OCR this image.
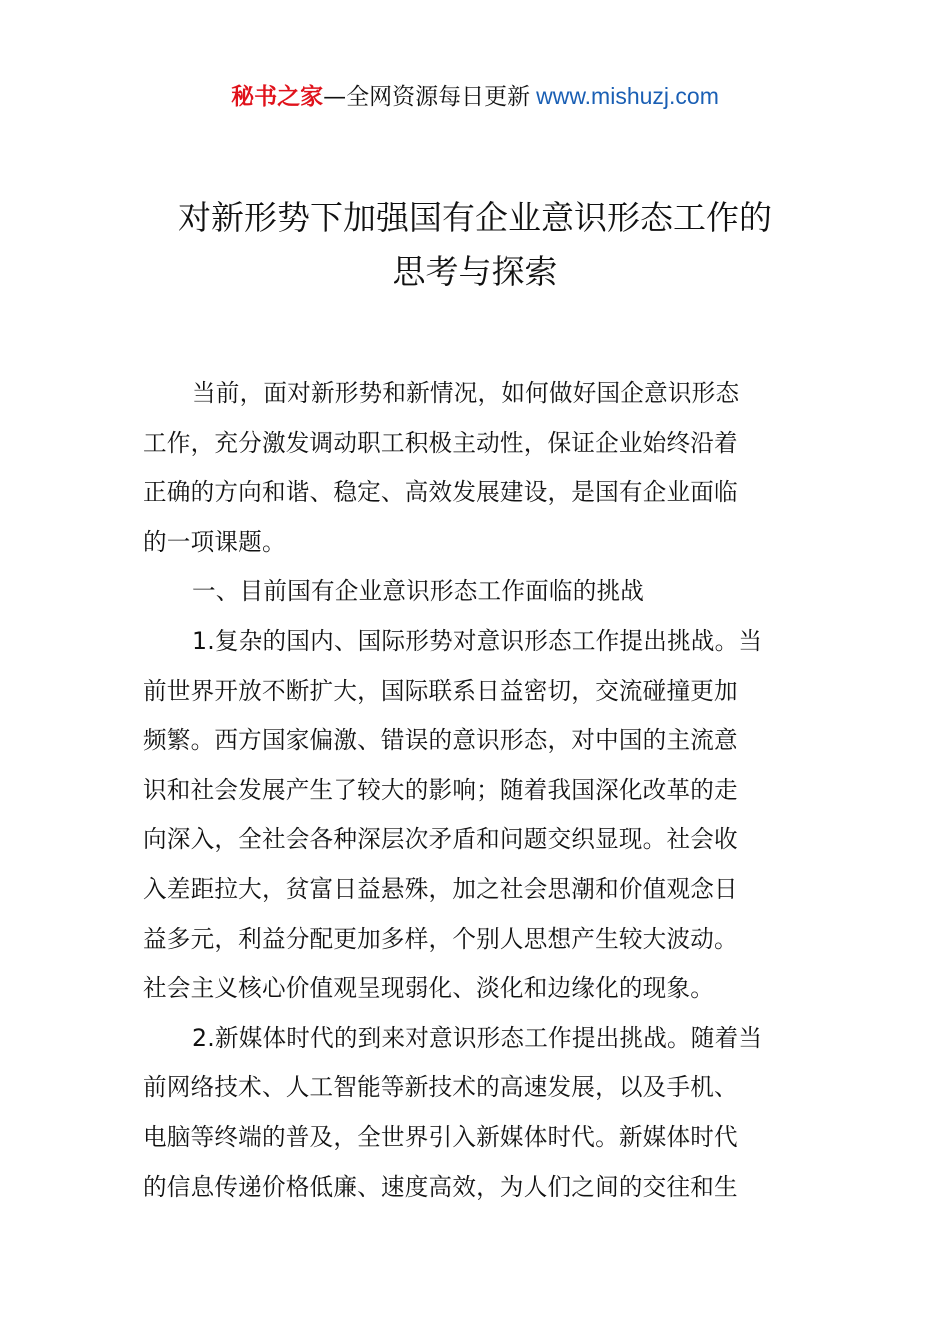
秘书之家—全网资源每日更新 www.mishuzj.com
对新形势下加强国有企业意识形态工作的
思考与探索

当前，面对新形势和新情况，如何做好国企意识形态
工作，充分激发调动职工积极主动性，保证企业始终沿着
正确的方向和谐、稳定、高效发展建设，是国有企业面临
的一项课题。

一、目前国有企业意识形态工作面临的挑战

1.复杂的国内、国际形势对意识形态工作提出挑战。当
前世界开放不断扩大，国际联系日益密切，交流碰撞更加
频繁。西方国家偏激、错误的意识形态，对中国的主流意
识和社会发展产生了较大的影响；随着我国深化改革的走
向深入，全社会各种深层次矛盾和问题交织显现。社会收
入差距拉大，贫富日益悬殊，加之社会思潮和价值观念日
益多元，利益分配更加多样，个别人思想产生较大波动。
社会主义核心价值观呈现弱化、淡化和边缘化的现象。

2.新媒体时代的到来对意识形态工作提出挑战。随着当
前网络技术、人工智能等新技术的高速发展，以及手机、
电脑等终端的普及，全世界引入新媒体时代。新媒体时代
的信息传递价格低廉、速度高效，为人们之间的交往和生
